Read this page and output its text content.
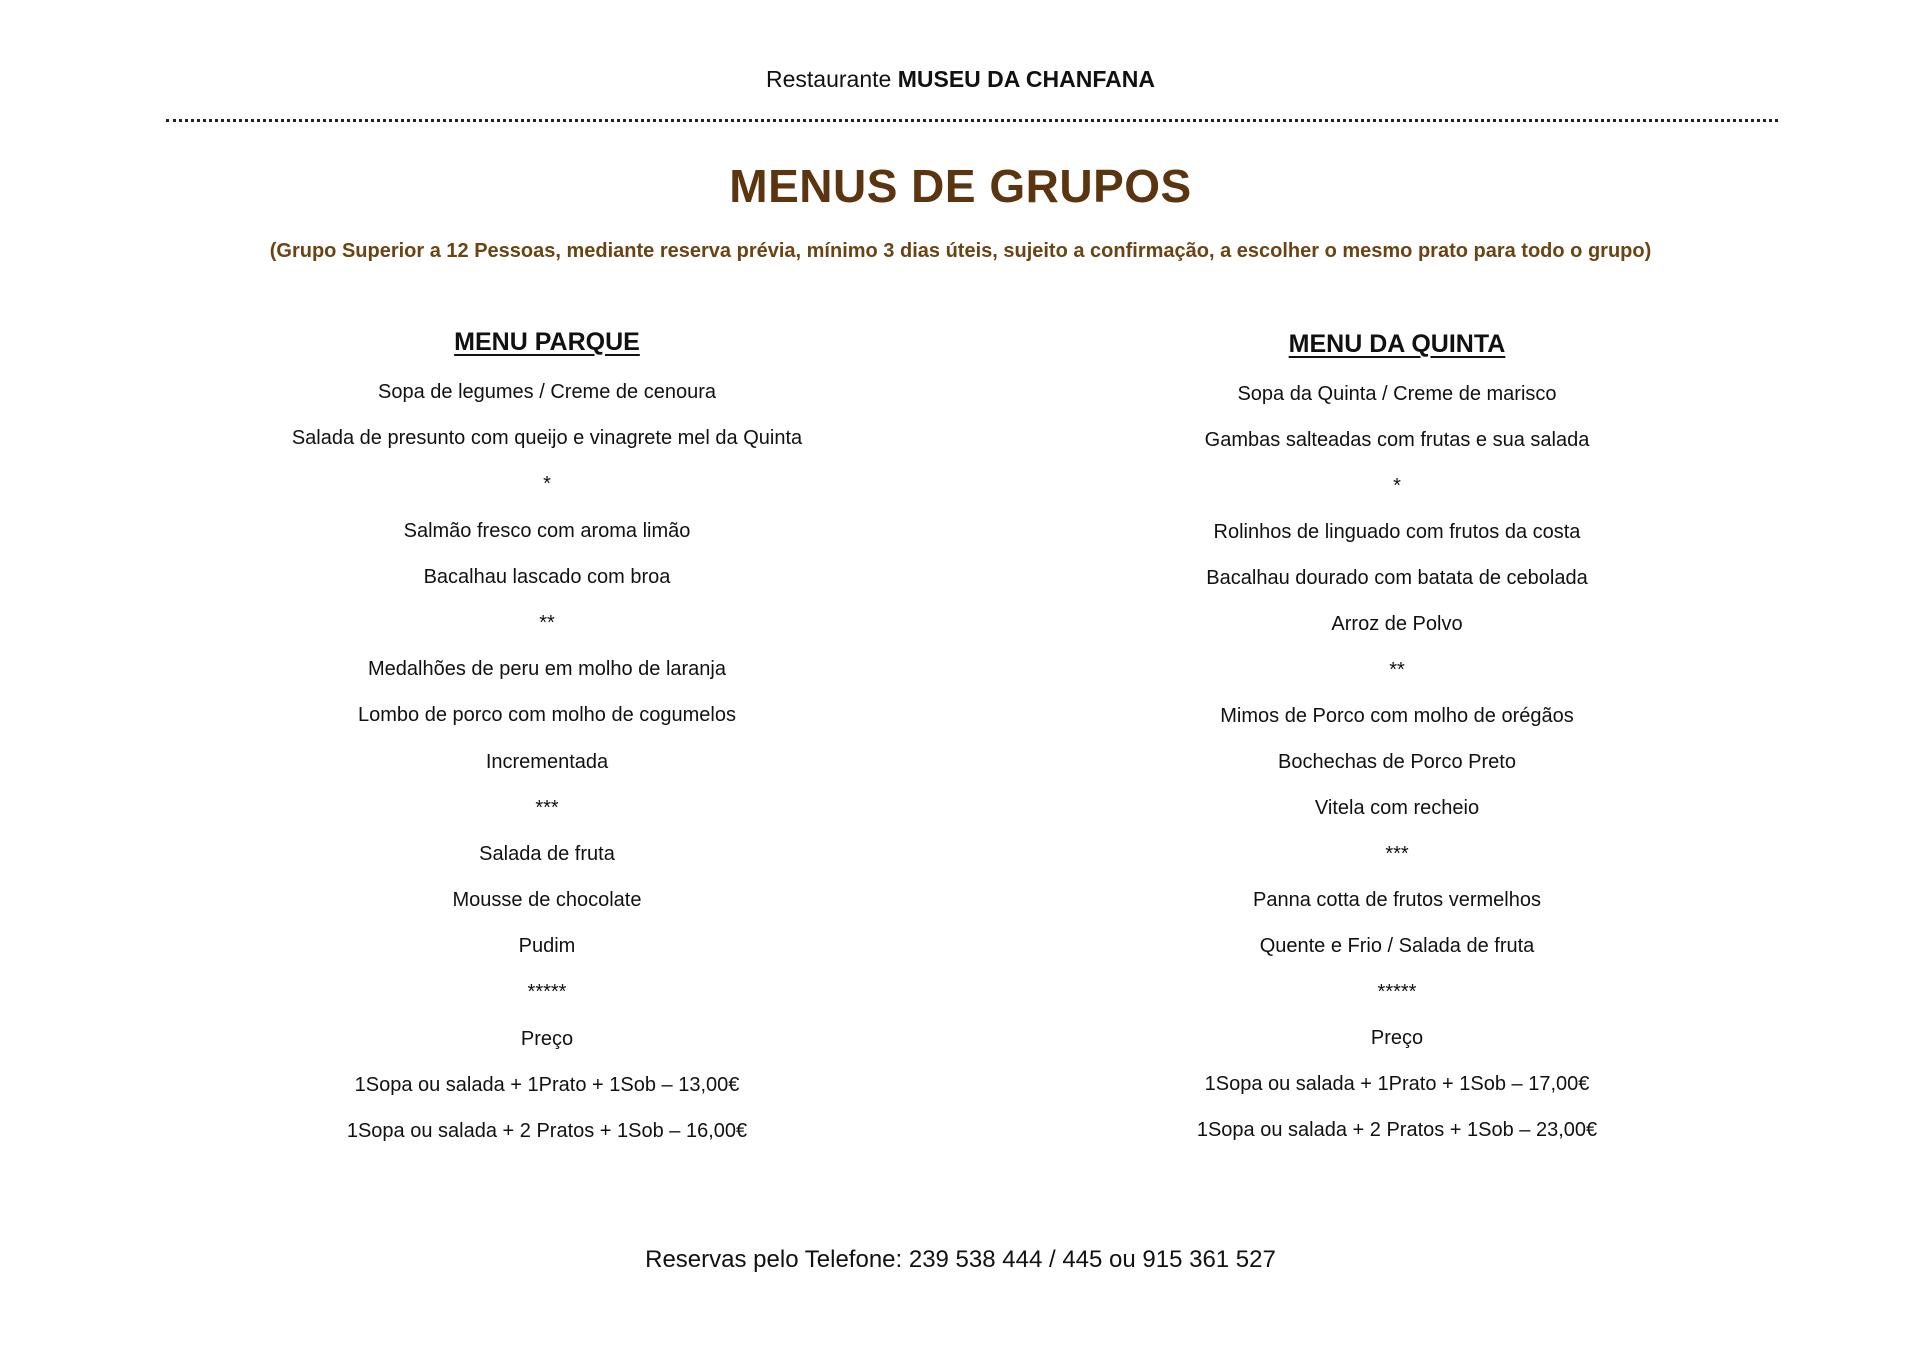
Restaurante MUSEU DA CHANFANA
MENUS DE GRUPOS
(Grupo Superior a 12 Pessoas, mediante reserva prévia, mínimo 3 dias úteis, sujeito a confirmação, a escolher o mesmo prato para todo o grupo)
MENU PARQUE
Sopa de legumes / Creme de cenoura
Salada de presunto com queijo e vinagrete mel da Quinta
*
Salmão fresco com aroma limão
Bacalhau lascado com broa
**
Medalhões de peru em molho de laranja
Lombo de porco com molho de cogumelos
Incrementada
***
Salada de fruta
Mousse de chocolate
Pudim
*****
Preço
1Sopa ou salada + 1Prato + 1Sob – 13,00€
1Sopa ou salada + 2 Pratos + 1Sob – 16,00€
MENU DA QUINTA
Sopa da Quinta / Creme de marisco
Gambas salteadas com frutas e sua salada
*
Rolinhos de linguado com frutos da costa
Bacalhau dourado com batata de cebolada
Arroz de Polvo
**
Mimos de Porco com molho de orégãos
Bochechas de Porco Preto
Vitela com recheio
***
Panna cotta de frutos vermelhos
Quente e Frio / Salada de fruta
*****
Preço
1Sopa ou salada + 1Prato + 1Sob – 17,00€
1Sopa ou salada + 2 Pratos + 1Sob – 23,00€
Reservas pelo Telefone: 239 538 444 / 445 ou 915 361 527
